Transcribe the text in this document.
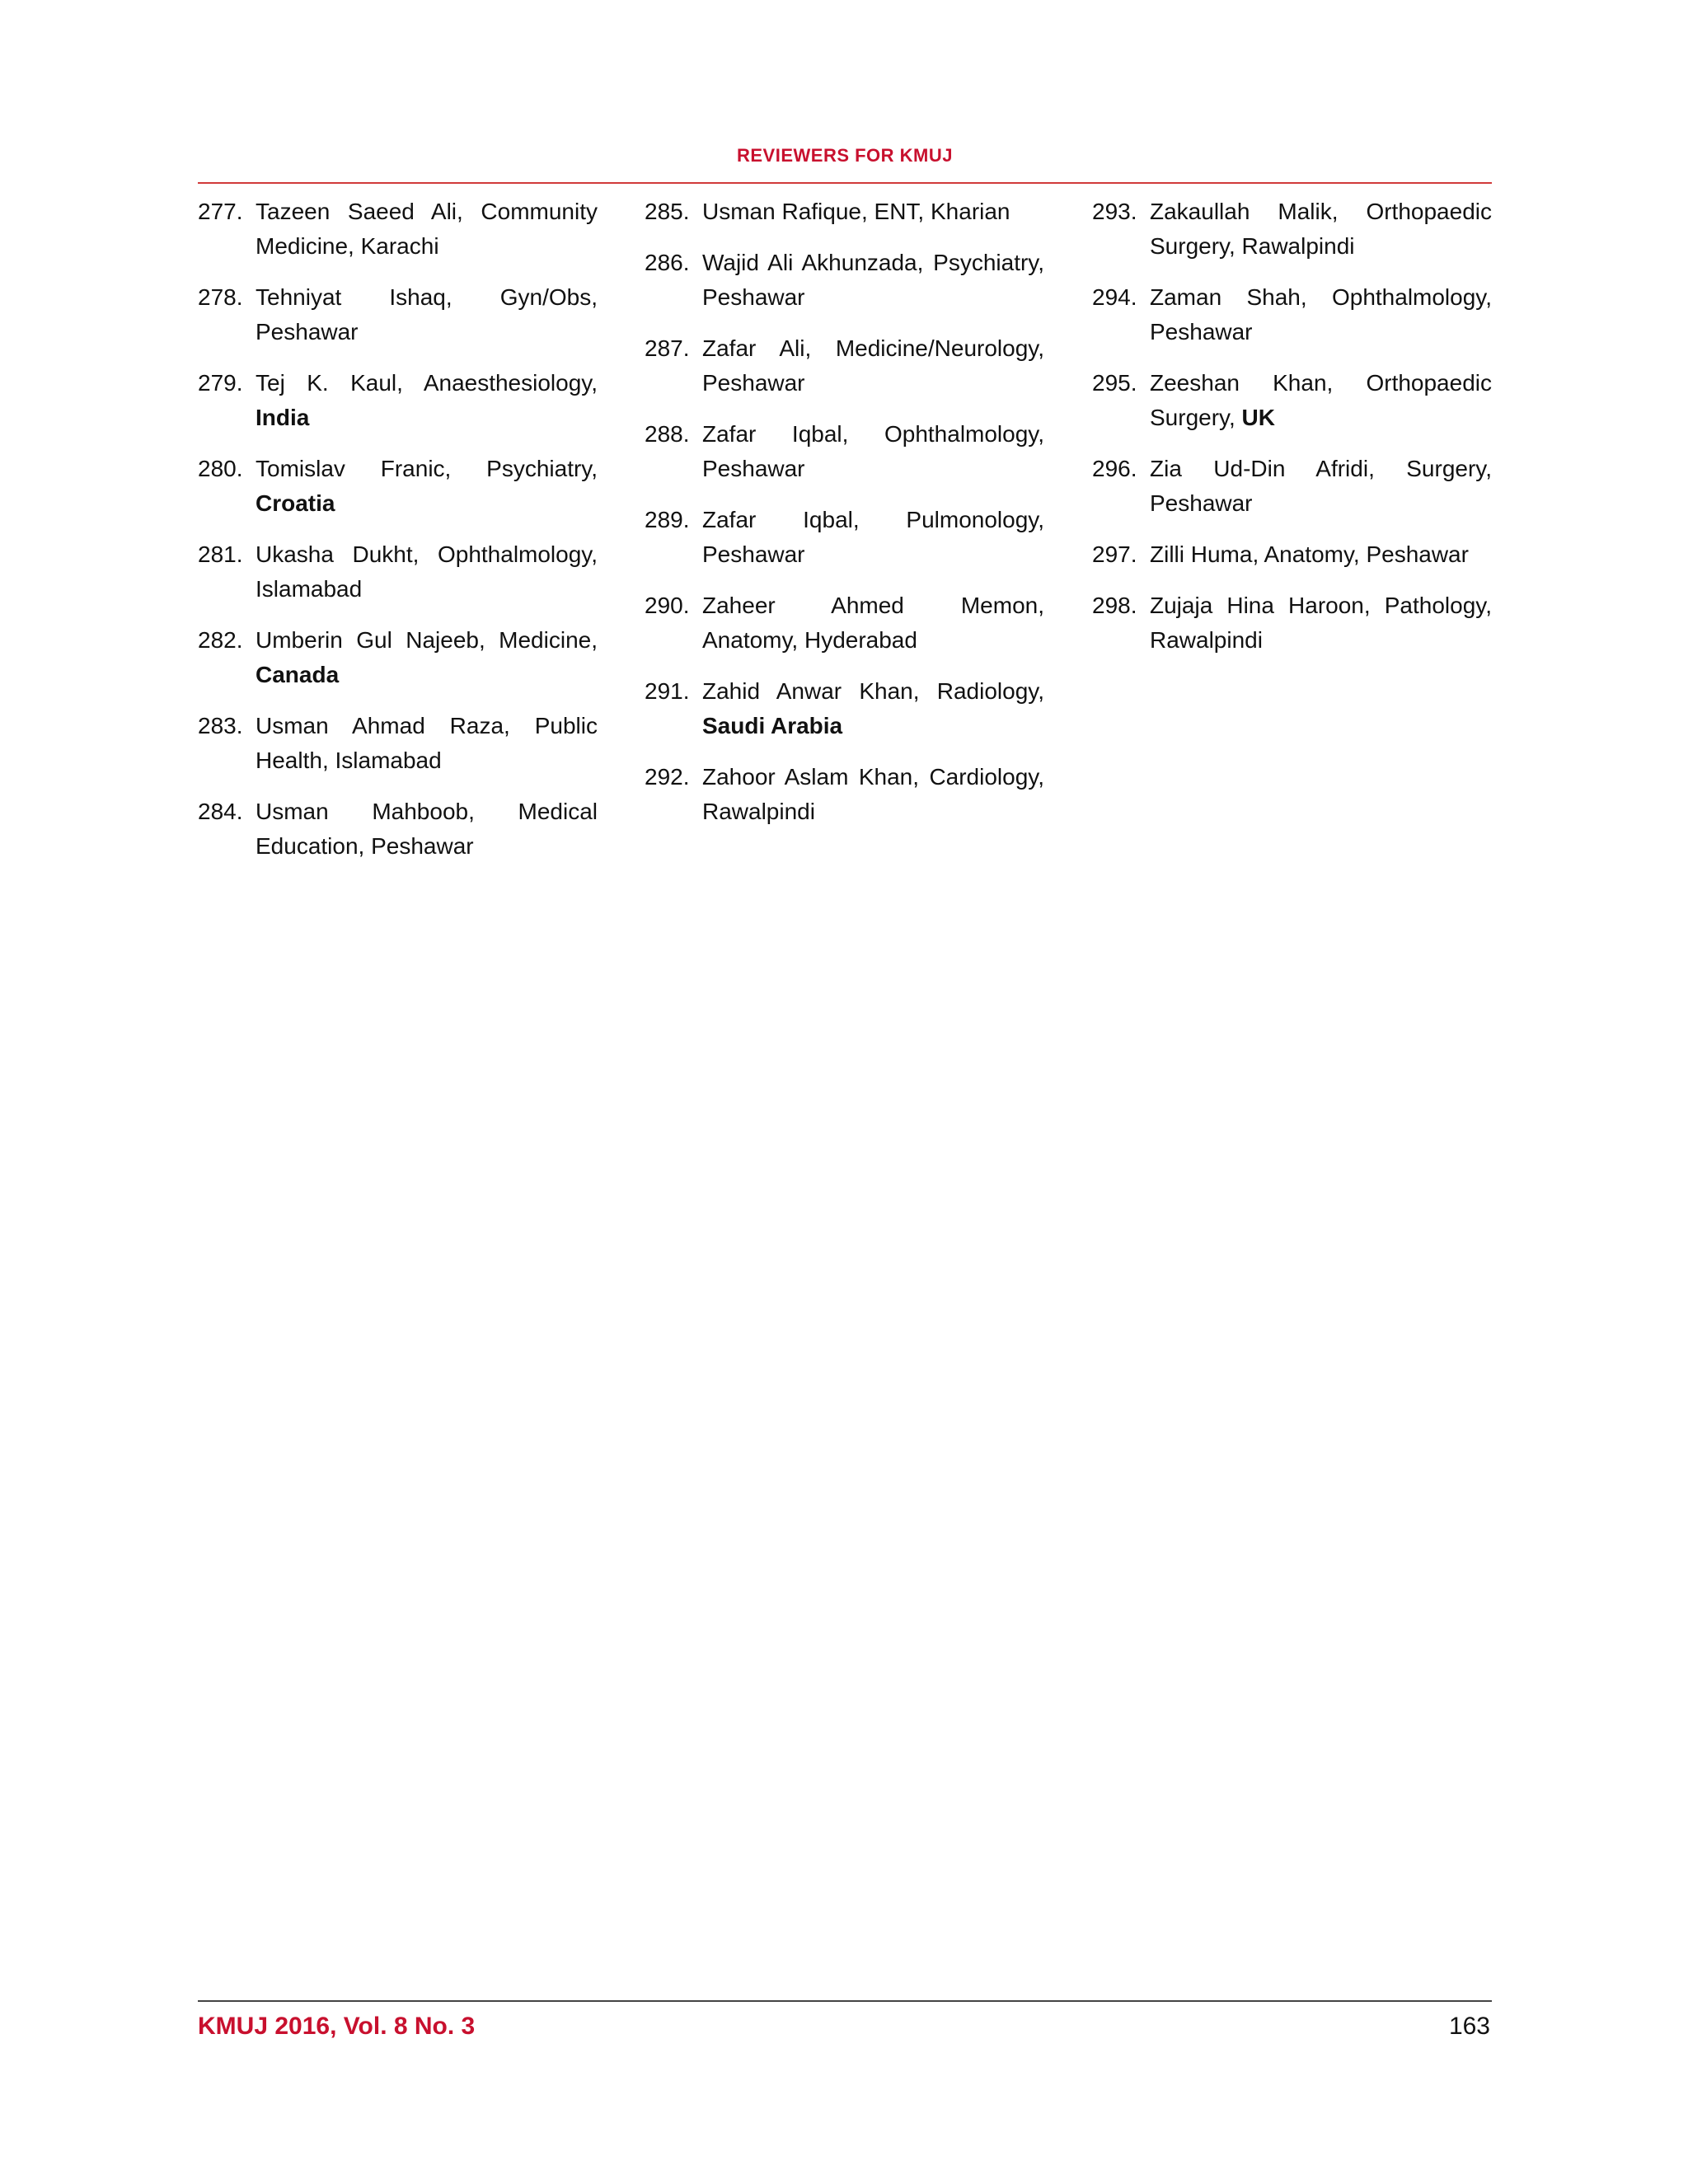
REVIEWERS FOR KMUJ
277. Tazeen Saeed Ali, Community Medicine, Karachi
278. Tehniyat Ishaq, Gyn/Obs, Peshawar
279. Tej K. Kaul, Anaesthesiology, India
280. Tomislav Franic, Psychiatry, Croatia
281. Ukasha Dukht, Ophthalmology, Islamabad
282. Umberin Gul Najeeb, Medicine, Canada
283. Usman Ahmad Raza, Public Health, Islamabad
284. Usman Mahboob, Medical Education, Peshawar
285. Usman Rafique, ENT, Kharian
286. Wajid Ali Akhunzada, Psychiatry, Peshawar
287. Zafar Ali, Medicine/Neurology, Peshawar
288. Zafar Iqbal, Ophthalmology, Peshawar
289. Zafar Iqbal, Pulmonology, Peshawar
290. Zaheer Ahmed Memon, Anatomy, Hyderabad
291. Zahid Anwar Khan, Radiology, Saudi Arabia
292. Zahoor Aslam Khan, Cardiology, Rawalpindi
293. Zakaullah Malik, Orthopaedic Surgery, Rawalpindi
294. Zaman Shah, Ophthalmology, Peshawar
295. Zeeshan Khan, Orthopaedic Surgery, UK
296. Zia Ud-Din Afridi, Surgery, Peshawar
297. Zilli Huma, Anatomy, Peshawar
298. Zujaja Hina Haroon, Pathology, Rawalpindi
KMUJ 2016, Vol. 8 No. 3	163
